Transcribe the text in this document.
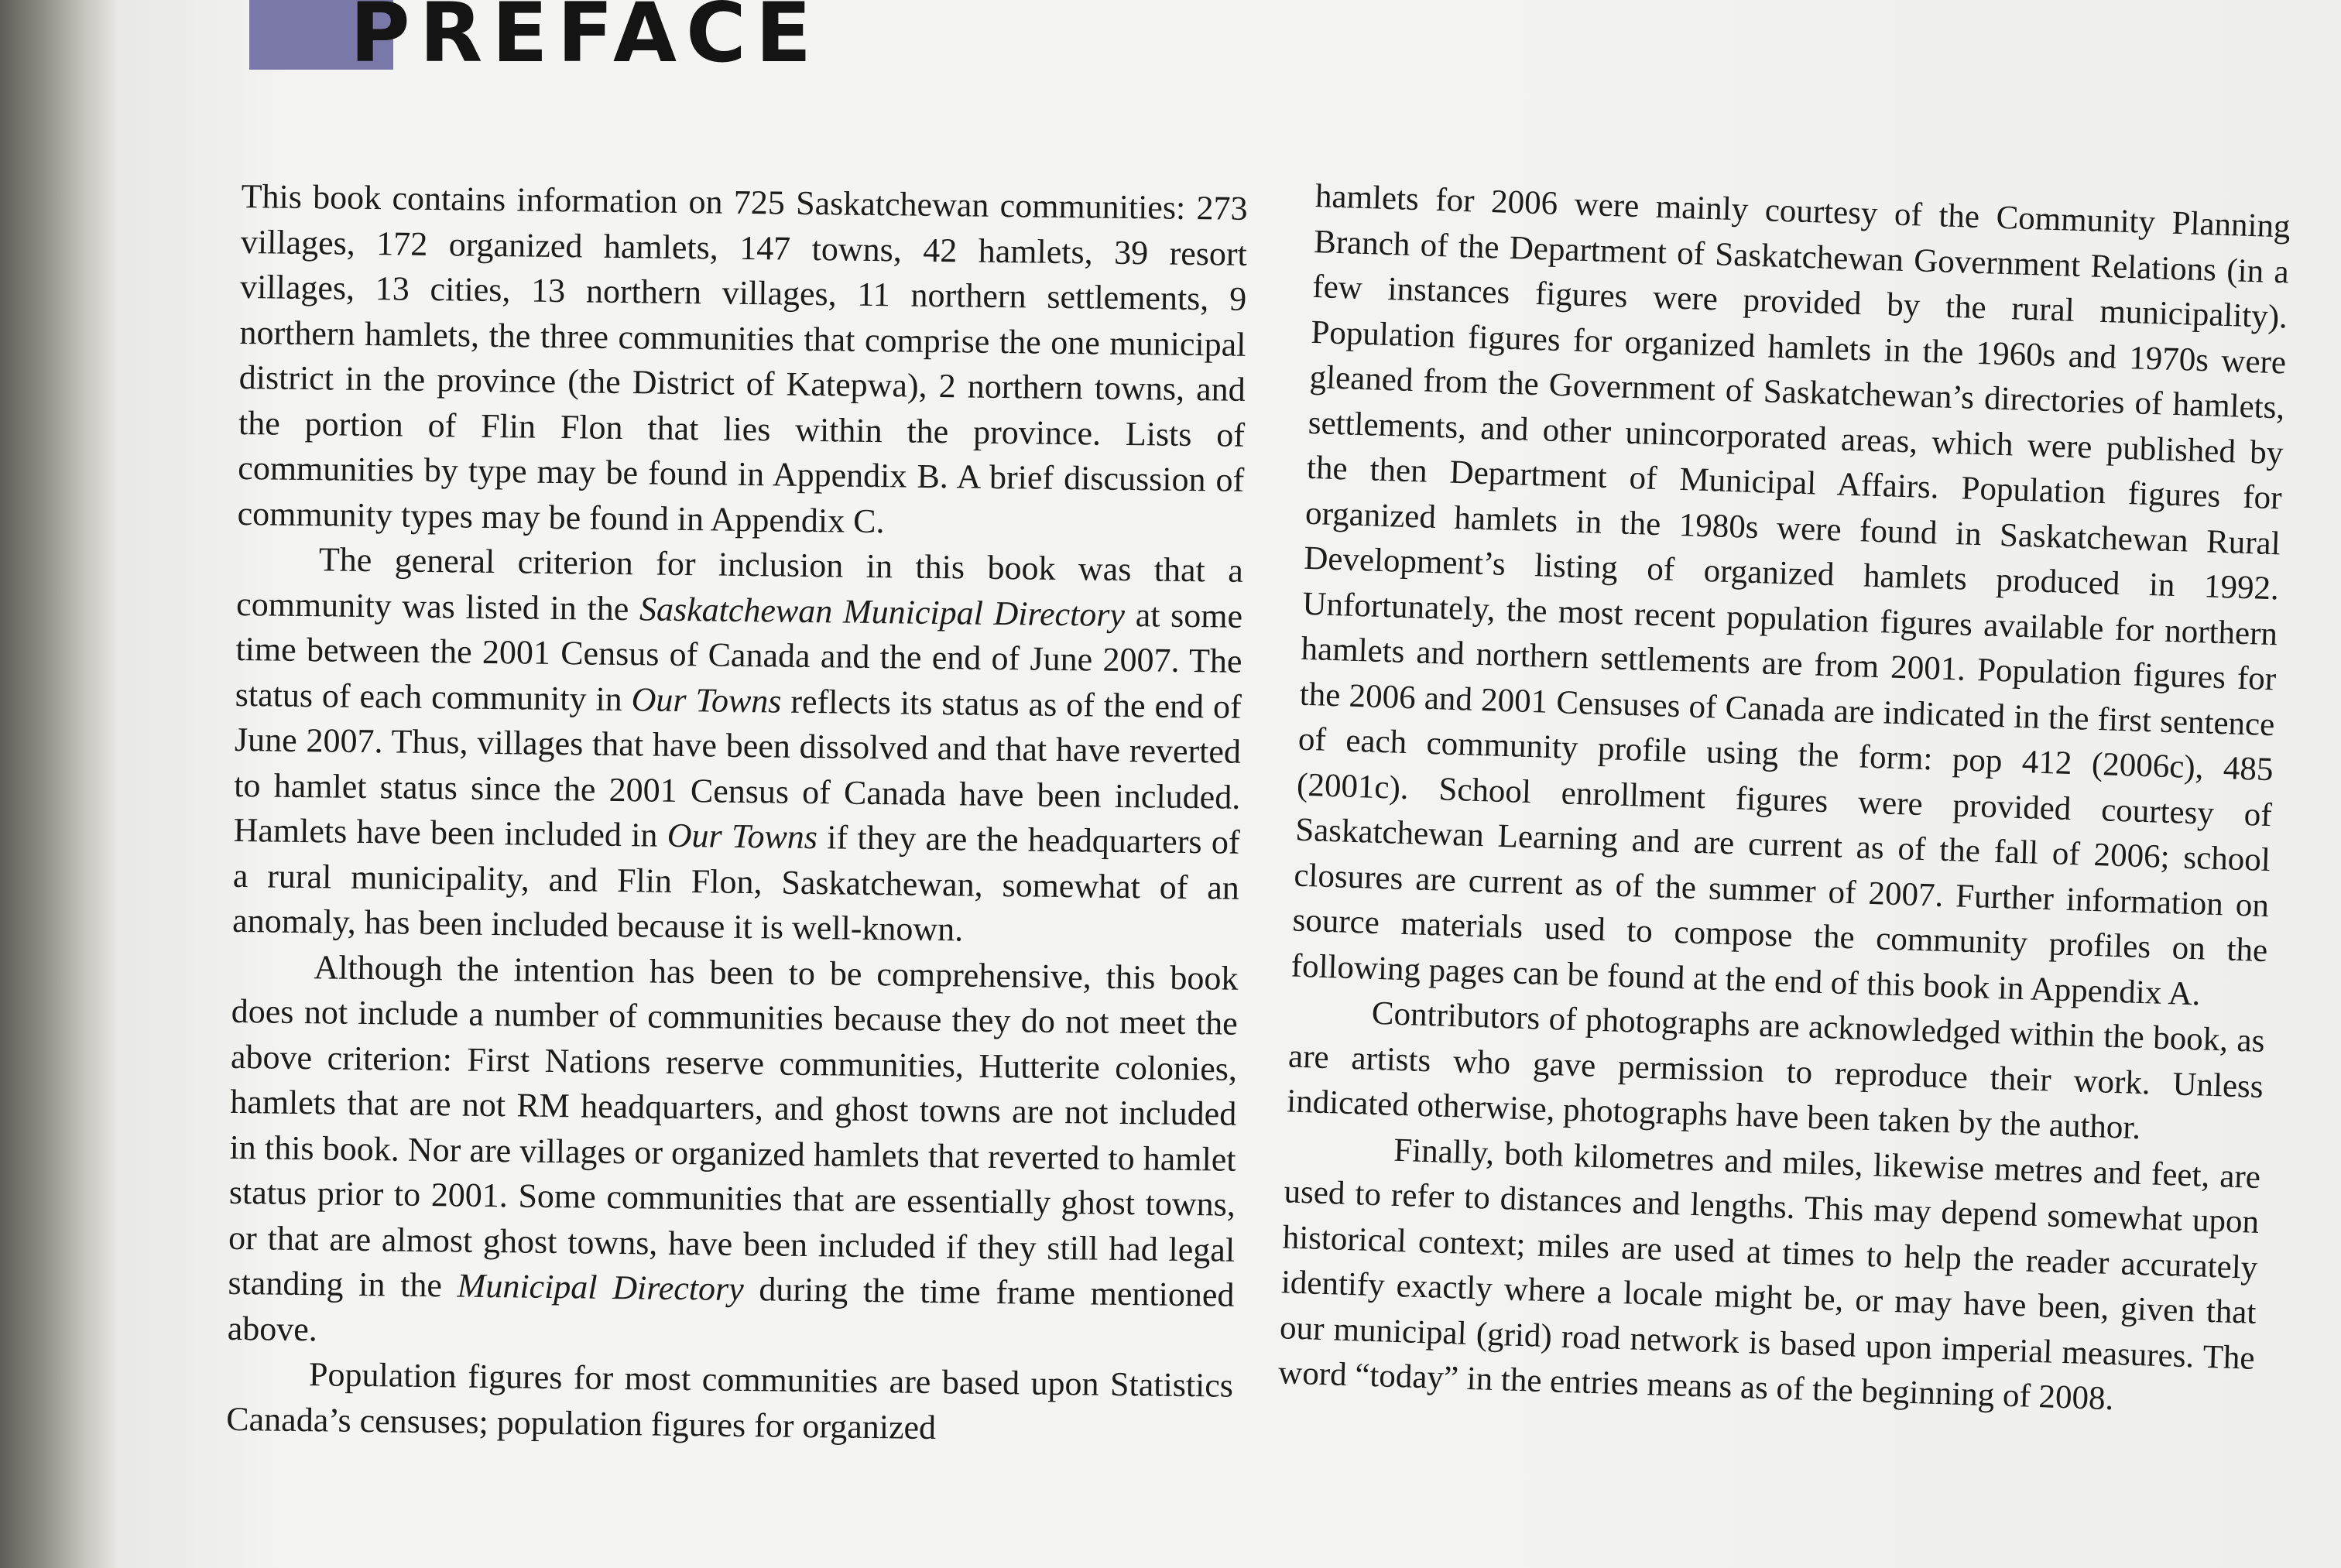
PREFACE

This book contains information on 725 Saskatchewan communities: 273 villages, 172 organized hamlets, 147 towns, 42 hamlets, 39 resort villages, 13 cities, 13 northern villages, 11 northern settlements, 9 northern hamlets, the three communities that comprise the one municipal district in the province (the District of Katepwa), 2 northern towns, and the portion of Flin Flon that lies within the province. Lists of communities by type may be found in Appendix B. A brief discussion of community types may be found in Appendix C.

The general criterion for inclusion in this book was that a community was listed in the Saskatchewan Municipal Directory at some time between the 2001 Census of Canada and the end of June 2007. The status of each community in Our Towns reflects its status as of the end of June 2007. Thus, villages that have been dissolved and that have reverted to hamlet status since the 2001 Census of Canada have been included. Hamlets have been included in Our Towns if they are the headquarters of a rural municipality, and Flin Flon, Saskatchewan, somewhat of an anomaly, has been included because it is well-known.

Although the intention has been to be comprehensive, this book does not include a number of communities because they do not meet the above criterion: First Nations reserve communities, Hutterite colonies, hamlets that are not RM headquarters, and ghost towns are not included in this book. Nor are villages or organized hamlets that reverted to hamlet status prior to 2001. Some communities that are essentially ghost towns, or that are almost ghost towns, have been included if they still had legal standing in the Municipal Directory during the time frame mentioned above.

Population figures for most communities are based upon Statistics Canada’s censuses; population figures for organized

hamlets for 2006 were mainly courtesy of the Community Planning Branch of the Department of Saskatchewan Government Relations (in a few instances figures were provided by the rural municipality). Population figures for organized hamlets in the 1960s and 1970s were gleaned from the Government of Saskatchewan’s directories of hamlets, settlements, and other unincorporated areas, which were published by the then Department of Municipal Affairs. Population figures for organized hamlets in the 1980s were found in Saskatchewan Rural Development’s listing of organized hamlets produced in 1992. Unfortunately, the most recent population figures available for northern hamlets and northern settlements are from 2001. Population figures for the 2006 and 2001 Censuses of Canada are indicated in the first sentence of each community profile using the form: pop 412 (2006c), 485 (2001c). School enrollment figures were provided courtesy of Saskatchewan Learning and are current as of the fall of 2006; school closures are current as of the summer of 2007. Further information on source materials used to compose the community profiles on the following pages can be found at the end of this book in Appendix A.

Contributors of photographs are acknowledged within the book, as are artists who gave permission to reproduce their work. Unless indicated otherwise, photographs have been taken by the author.

Finally, both kilometres and miles, likewise metres and feet, are used to refer to distances and lengths. This may depend somewhat upon historical context; miles are used at times to help the reader accurately identify exactly where a locale might be, or may have been, given that our municipal (grid) road network is based upon imperial measures. The word “today” in the entries means as of the beginning of 2008.
